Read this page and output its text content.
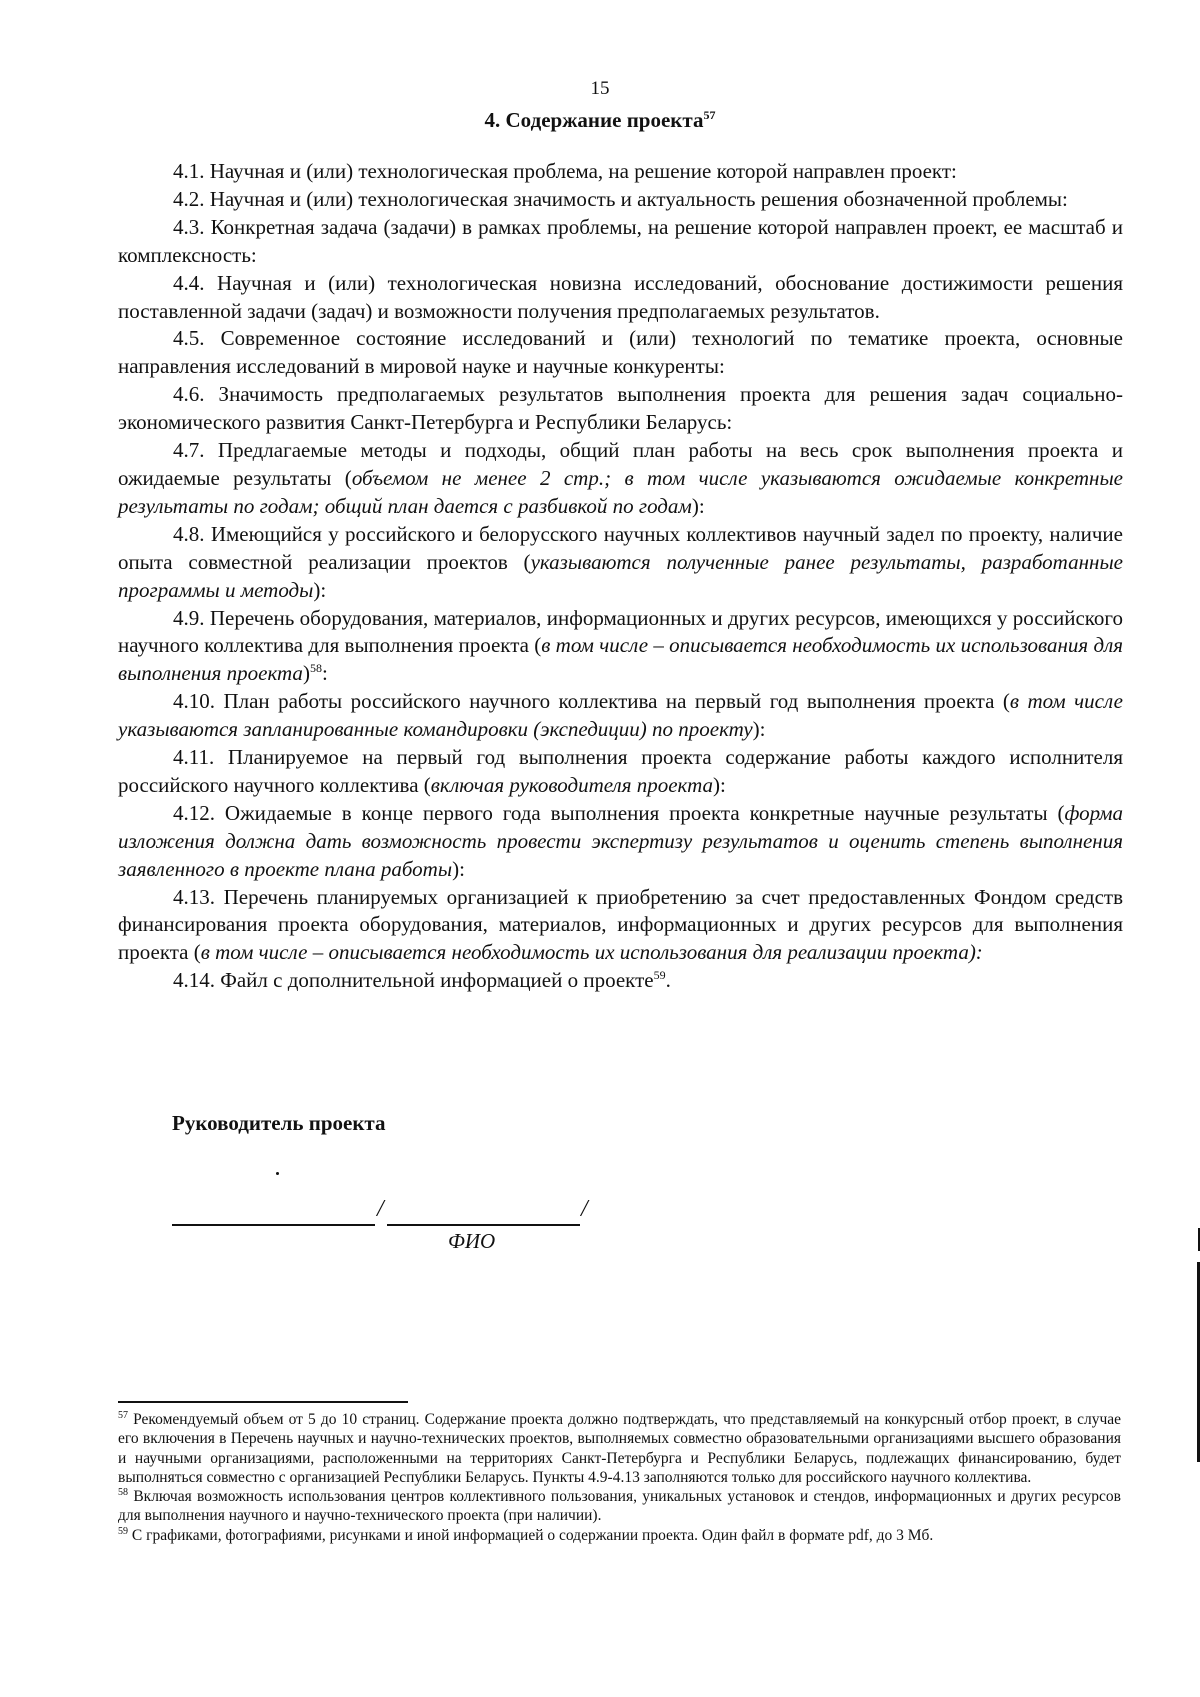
15
4. Содержание проекта$^{57}$

4.1. Научная и (или) технологическая проблема, на решение которой направлен проект:

4.2. Научная и (или) технологическая значимость и актуальность решения обозначенной проблемы:

4.3. Конкретная задача (задачи) в рамках проблемы, на решение которой направлен проект, ее масштаб и комплексность:

4.4. Научная и (или) технологическая новизна исследований, обоснование достижимости решения поставленной задачи (задач) и возможности получения предполагаемых результатов.

4.5. Современное состояние исследований и (или) технологий по тематике проекта, основные направления исследований в мировой науке и научные конкуренты:

4.6. Значимость предполагаемых результатов выполнения проекта для решения задач социально-экономического развития Санкт-Петербурга и Республики Беларусь:

4.7. Предлагаемые методы и подходы, общий план работы на весь срок выполнения проекта и ожидаемые результаты (объемом не менее 2 стр.; в том числе указываются ожидаемые конкретные результаты по годам; общий план дается с разбивкой по годам):

4.8. Имеющийся у российского и белорусского научных коллективов научный задел по проекту, наличие опыта совместной реализации проектов (указываются полученные ранее результаты, разработанные программы и методы):

4.9. Перечень оборудования, материалов, информационных и других ресурсов, имеющихся у российского научного коллектива для выполнения проекта (в том числе – описывается необходимость их использования для выполнения проекта)$^{58}$:

4.10. План работы российского научного коллектива на первый год выполнения проекта (в том числе указываются запланированные командировки (экспедиции) по проекту):

4.11. Планируемое на первый год выполнения проекта содержание работы каждого исполнителя российского научного коллектива (включая руководителя проекта):

4.12. Ожидаемые в конце первого года выполнения проекта конкретные научные результаты (форма изложения должна дать возможность провести экспертизу результатов и оценить степень выполнения заявленного в проекте плана работы):

4.13. Перечень планируемых организацией к приобретению за счет предоставленных Фондом средств финансирования проекта оборудования, материалов, информационных и других ресурсов для выполнения проекта (в том числе – описывается необходимость их использования для реализации проекта):

4.14. Файл с дополнительной информацией о проекте$^{59}$.

Руководитель проекта
/	/
ФИО

$^{57}$ Рекомендуемый объем от 5 до 10 страниц. Содержание проекта должно подтверждать, что представляемый на конкурсный отбор проект, в случае его включения в Перечень научных и научно-технических проектов, выполняемых совместно образовательными организациями высшего образования и научными организациями, расположенными на территориях Санкт-Петербурга и Республики Беларусь, подлежащих финансированию, будет выполняться совместно с организацией Республики Беларусь. Пункты 4.9-4.13 заполняются только для российского научного коллектива.

$^{58}$ Включая возможность использования центров коллективного пользования, уникальных установок и стендов, информационных и других ресурсов для выполнения научного и научно-технического проекта (при наличии).

$^{59}$ С графиками, фотографиями, рисунками и иной информацией о содержании проекта. Один файл в формате pdf, до 3 Мб.
